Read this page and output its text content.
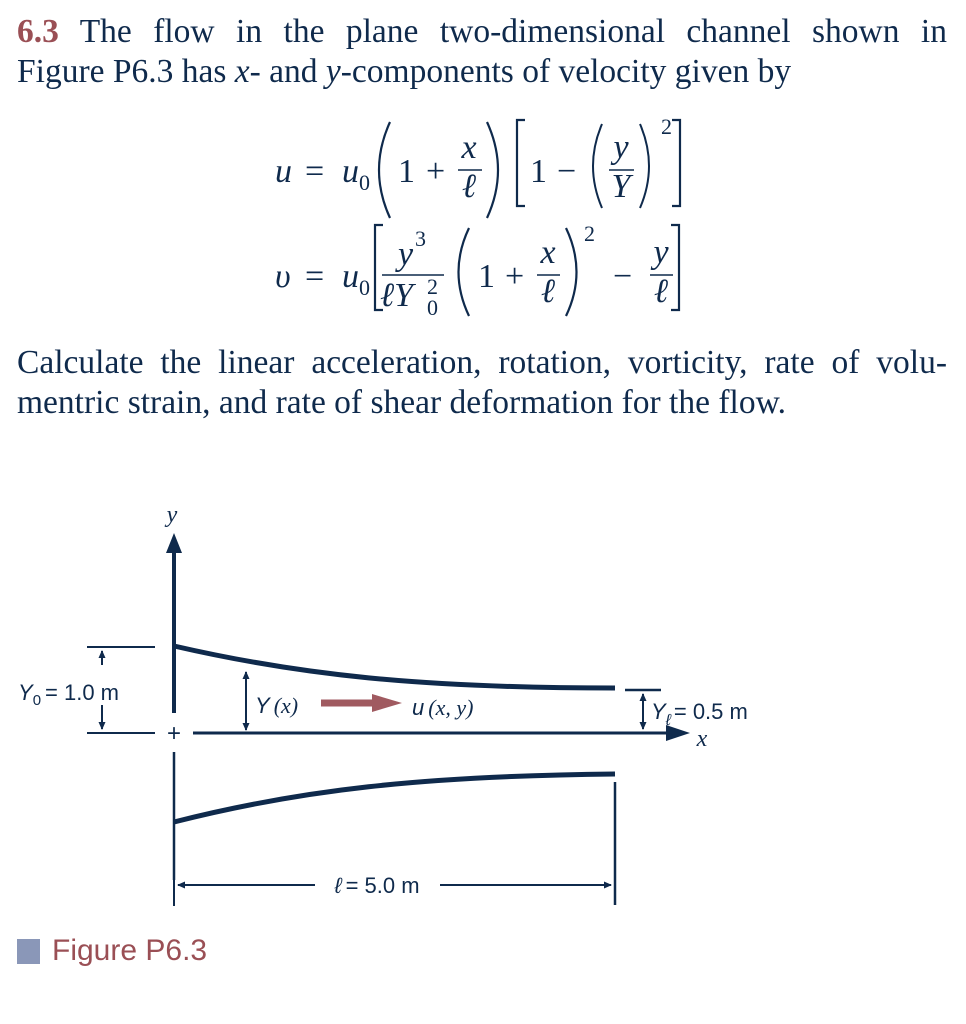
6.3 The flow in the plane two-dimensional channel shown in
Figure P6.3 has x- and y-components of velocity given by
u = u 0 1 +
x
ℓ 1 −
y
Y
2
υ = u 0
y 3
ℓY 2
0
1 +
x
ℓ
2
−
y
ℓ
Calculate the linear acceleration, rotation, vorticity, rate of volu-
mentric strain, and rate of shear deformation for the flow.
y
+	x
$Y_0 = 1.0$ m
Y (x)	u (x, y)	$Y_\ell = 0.5$ m
ℓ = 5.0 m
Figure P6.3
